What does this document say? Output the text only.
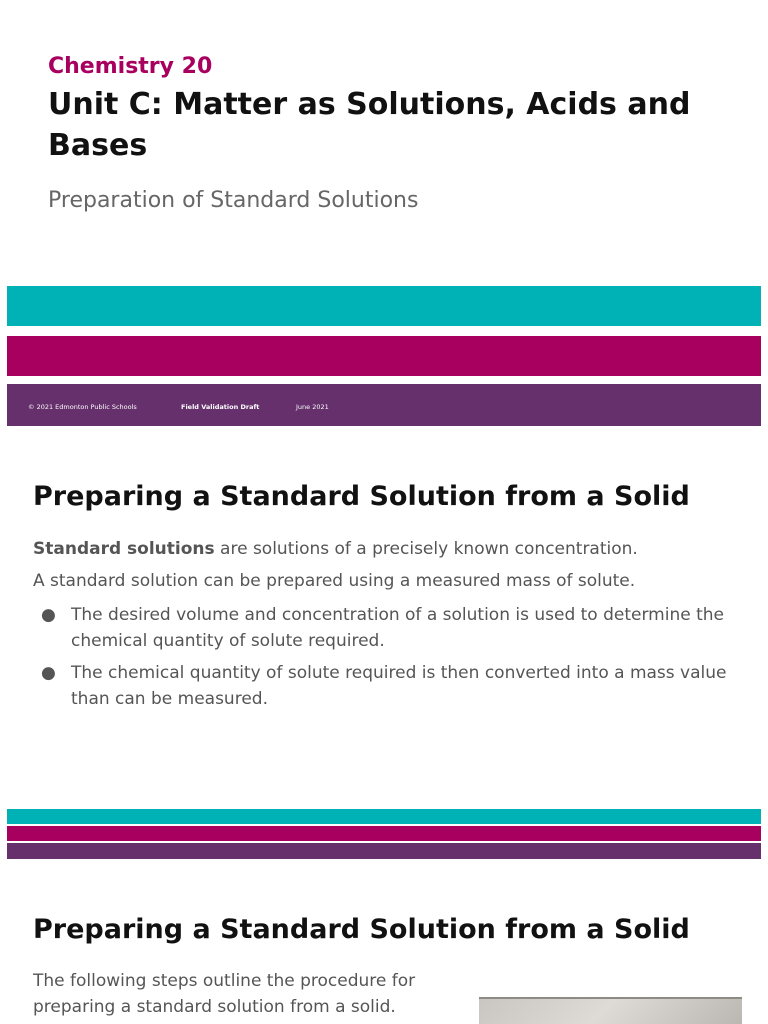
Chemistry 20
Unit C: Matter as Solutions, Acids and Bases
Preparation of Standard Solutions
© 2021 Edmonton Public Schools	Field Validation Draft	June 2021
Preparing a Standard Solution from a Solid
Standard solutions are solutions of a precisely known concentration.
A standard solution can be prepared using a measured mass of solute.
● The desired volume and concentration of a solution is used to determine the chemical quantity of solute required.
● The chemical quantity of solute required is then converted into a mass value than can be measured.
Preparing a Standard Solution from a Solid
The following steps outline the procedure for preparing a standard solution from a solid.
